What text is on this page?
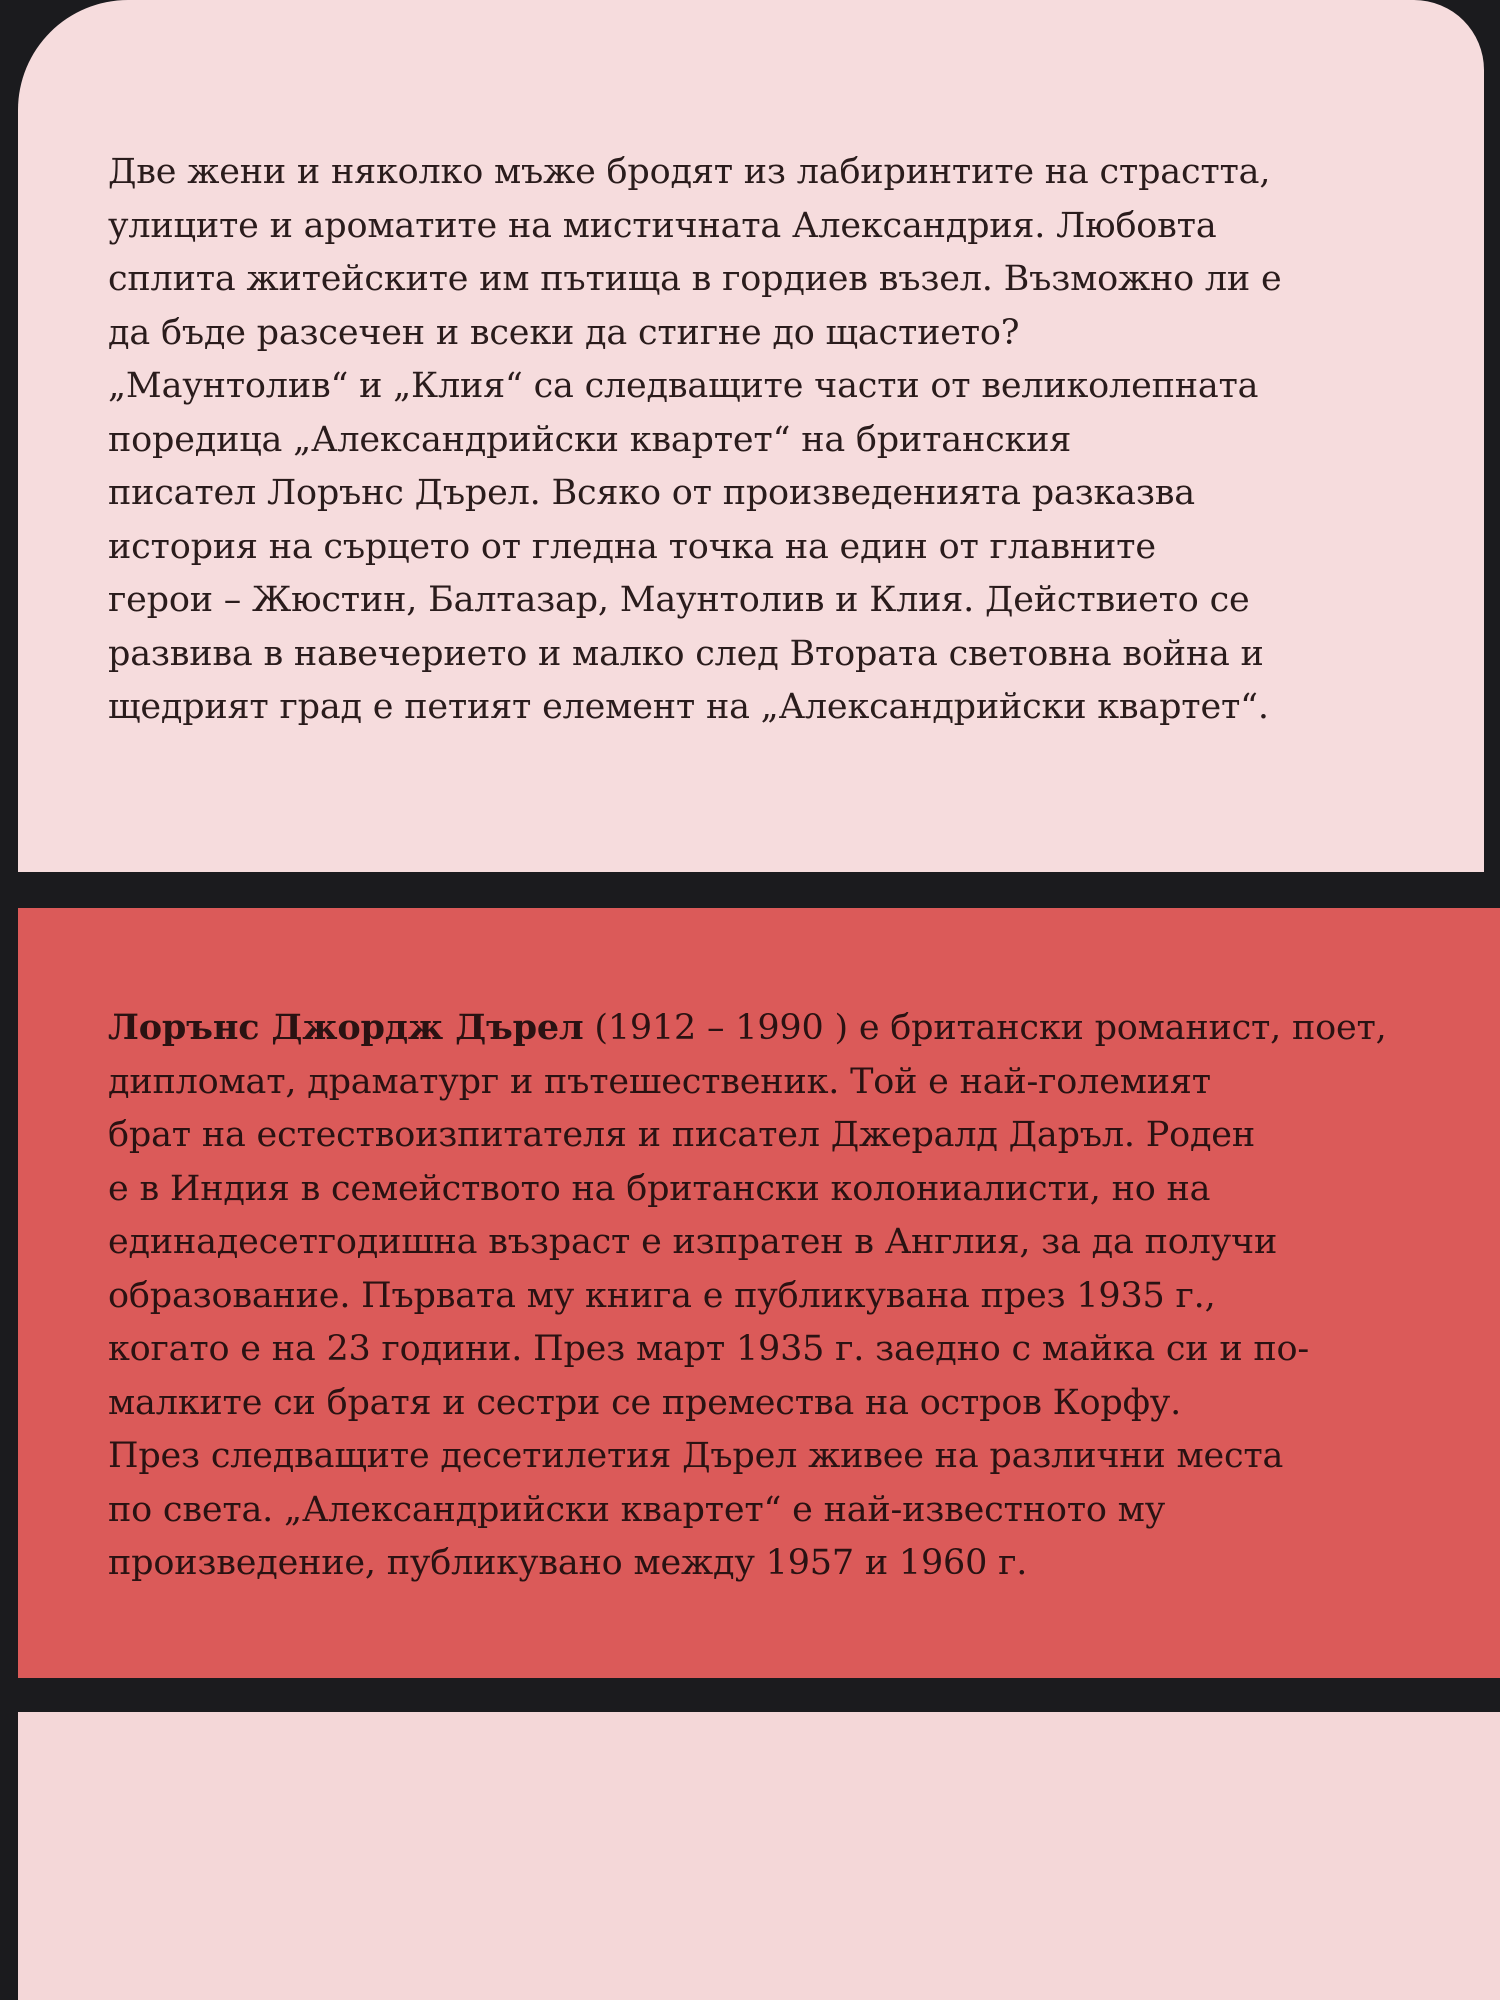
Две жени и няколко мъже бродят из лабиринтите на страстта,
улиците и ароматите на мистичната Александрия. Любовта
сплита житейските им пътища в гордиев възел. Възможно ли е
да бъде разсечен и всеки да стигне до щастието?
„Маунтолив“ и „Клия“ са следващите части от великолепната
поредица „Александрийски квартет“ на британския
писател Лорънс Дърел. Всяко от произведенията разказва
история на сърцето от гледна точка на един от главните
герои – Жюстин, Балтазар, Маунтолив и Клия. Действието се
развива в навечерието и малко след Втората световна война и
щедрият град е петият елемент на „Александрийски квартет“.
Лорънс Джордж Дърел (1912 – 1990 ) е британски романист, поет,
дипломат, драматург и пътешественик. Той е най-големият
брат на естествоизпитателя и писател Джералд Даръл. Роден
е в Индия в семейството на британски колониалисти, но на
единадесетгодишна възраст е изпратен в Англия, за да получи
образование. Първата му книга е публикувана през 1935 г.,
когато е на 23 години. През март 1935 г. заедно с майка си и по-
малките си братя и сестри се премества на остров Корфу.
През следващите десетилетия Дърел живее на различни места
по света. „Александрийски квартет“ е най-известното му
произведение, публикувано между 1957 и 1960 г.
